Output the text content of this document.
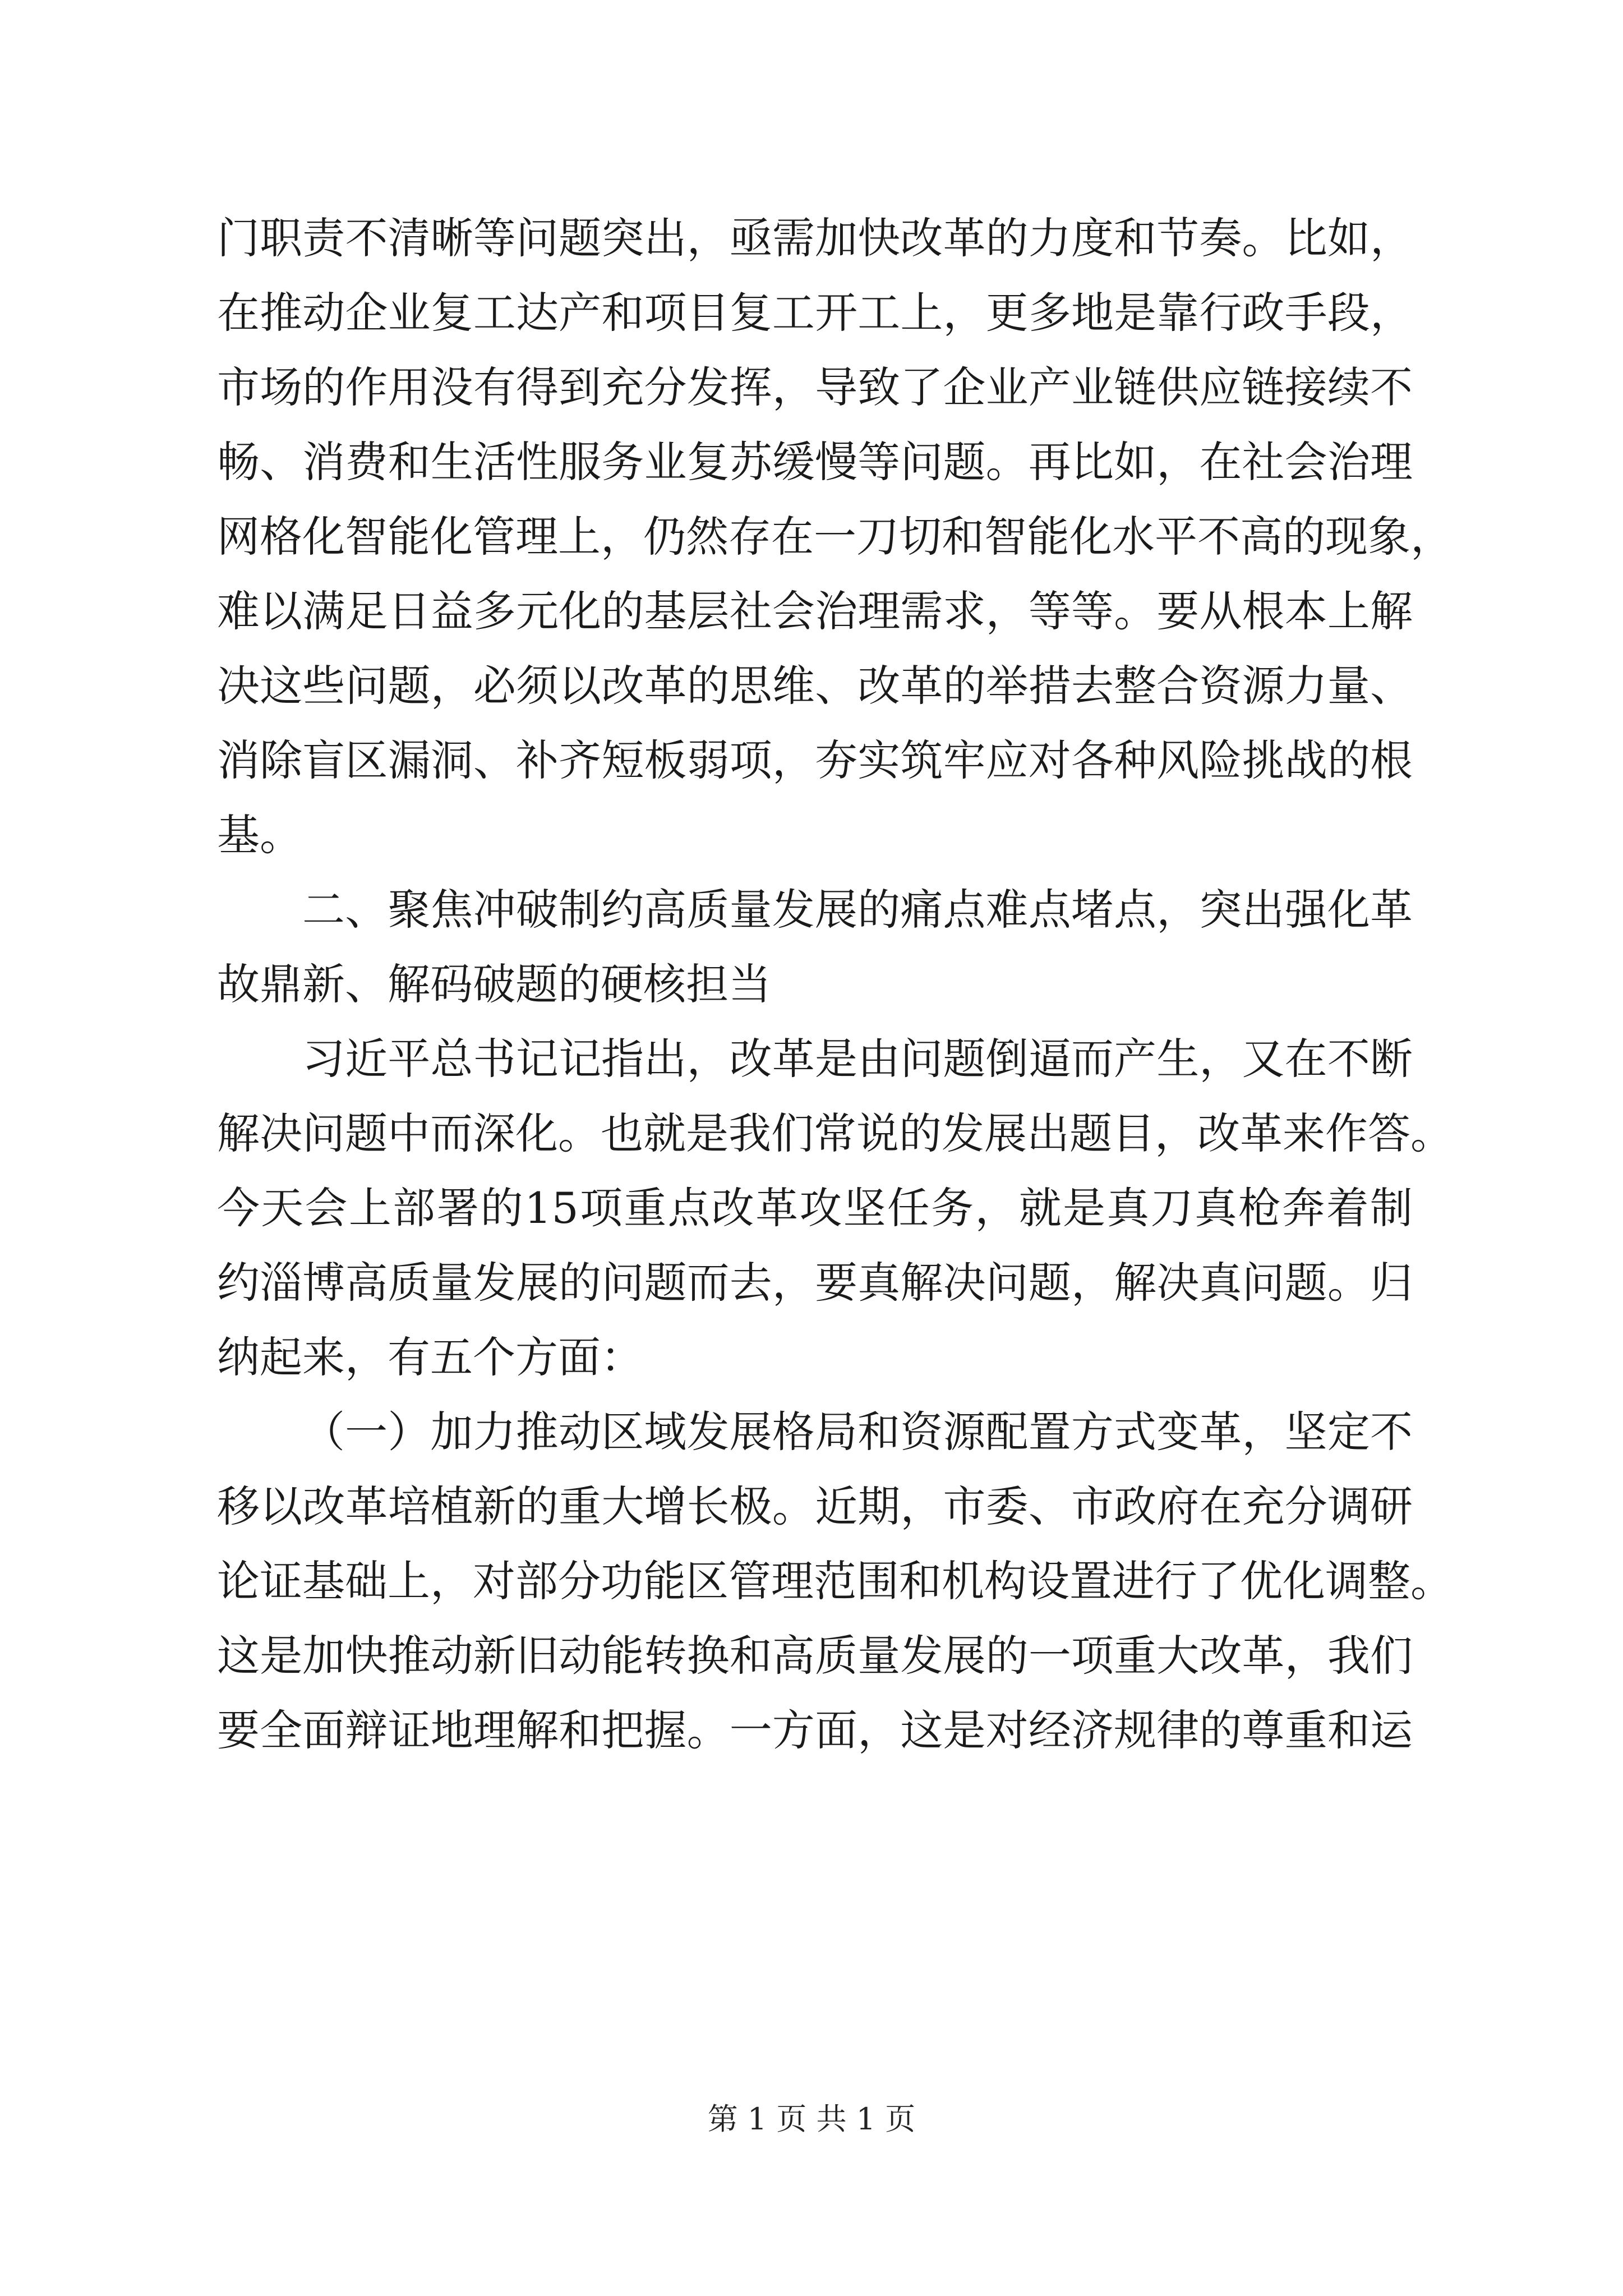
门职责不清晰等问题突出，亟需加快改革的力度和节奏。比如，
在推动企业复工达产和项目复工开工上，更多地是靠行政手段，
市场的作用没有得到充分发挥，导致了企业产业链供应链接续不
畅、消费和生活性服务业复苏缓慢等问题。再比如，在社会治理
网格化智能化管理上，仍然存在一刀切和智能化水平不高的现象，
难以满足日益多元化的基层社会治理需求，等等。要从根本上解
决这些问题，必须以改革的思维、改革的举措去整合资源力量、
消除盲区漏洞、补齐短板弱项，夯实筑牢应对各种风险挑战的根
基。
二、聚焦冲破制约高质量发展的痛点难点堵点，突出强化革
故鼎新、解码破题的硬核担当
习近平总书记记指出，改革是由问题倒逼而产生，又在不断
解决问题中而深化。也就是我们常说的发展出题目，改革来作答。
今天会上部署的15项重点改革攻坚任务，就是真刀真枪奔着制
约淄博高质量发展的问题而去，要真解决问题，解决真问题。归
纳起来，有五个方面：
（一）加力推动区域发展格局和资源配置方式变革，坚定不
移以改革培植新的重大增长极。近期，市委、市政府在充分调研
论证基础上，对部分功能区管理范围和机构设置进行了优化调整。
这是加快推动新旧动能转换和高质量发展的一项重大改革，我们
要全面辩证地理解和把握。一方面，这是对经济规律的尊重和运
第 1 页 共 1 页
